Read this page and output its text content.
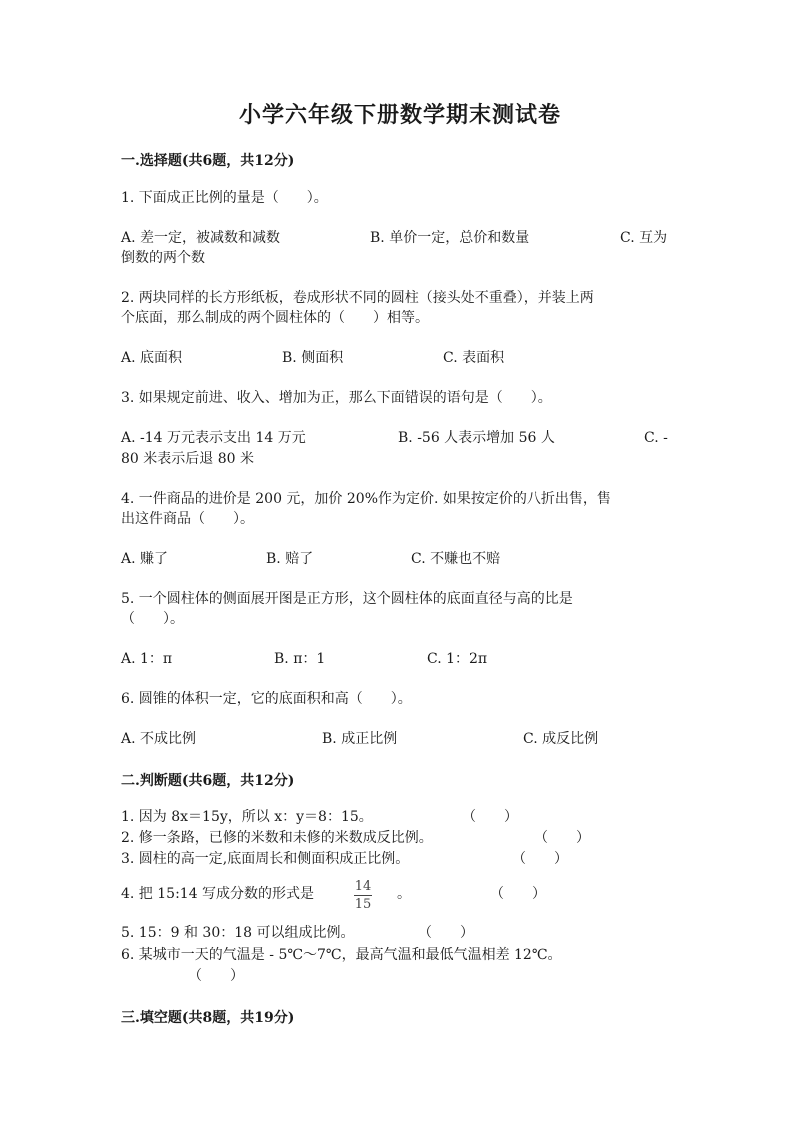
小学六年级下册数学期末测试卷
一.选择题(共6题，共12分)
1. 下面成正比例的量是（　　）。
A. 差一定，被减数和减数	B. 单价一定，总价和数量	C. 互为
倒数的两个数
2. 两块同样的长方形纸板，卷成形状不同的圆柱（接头处不重叠），并装上两
个底面，那么制成的两个圆柱体的（　　）相等。
A. 底面积	B. 侧面积	C. 表面积
3. 如果规定前进、收入、增加为正，那么下面错误的语句是（　　）。
A. -14 万元表示支出 14 万元	B. -56 人表示增加 56 人	C. -
80 米表示后退 80 米
4. 一件商品的进价是 200 元，加价 20%作为定价. 如果按定价的八折出售，售
出这件商品（　　）。
A. 赚了	B. 赔了	C. 不赚也不赔
5. 一个圆柱体的侧面展开图是正方形，这个圆柱体的底面直径与高的比是
（　　）。
A. 1：π	B. π：1	C. 1：2π
6. 圆锥的体积一定，它的底面积和高（　　）。
A. 不成比例	B. 成正比例	C. 成反比例
二.判断题(共6题，共12分)
1. 因为 8x＝15y，所以 x：y＝8：15。	（　　）
2. 修一条路，已修的米数和未修的米数成反比例。	（　　）
3. 圆柱的高一定,底面周长和侧面积成正比例。	（　　）
4. 把 15:14 写成分数的形式是	14
15
。	（　　）
5. 15：9 和 30：18 可以组成比例。	（　　）
6. 某城市一天的气温是 - 5℃～7℃，最高气温和最低气温相差 12℃。
（　　）
三.填空题(共8题，共19分)
